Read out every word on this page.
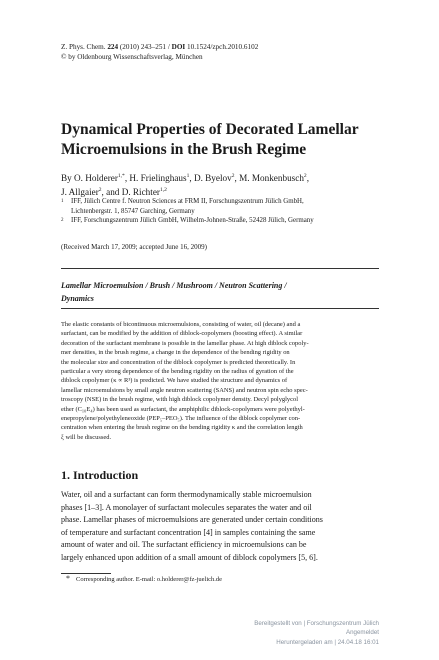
Z. Phys. Chem. 224 (2010) 243–251 / DOI 10.1524/zpch.2010.6102
© by Oldenbourg Wissenschaftsverlag, München
Dynamical Properties of Decorated Lamellar
Microemulsions in the Brush Regime
By O. Holderer$^{1,*}$, H. Frielinghaus$^1$, D. Byelov$^2$, M. Monkenbusch$^2$,
J. Allgaier$^2$, and D. Richter$^{1,2}$
1	IFF, Jülich Centre f. Neutron Sciences at FRM II, Forschungszentrum Jülich GmbH,
Lichtenbergstr. 1, 85747 Garching, Germany
2	IFF, Forschungszentrum Jülich GmbH, Wilhelm-Johnen-Straße, 52428 Jülich, Germany
(Received March 17, 2009; accepted June 16, 2009)
Lamellar Microemulsion / Brush / Mushroom / Neutron Scattering /
Dynamics
The elastic constants of bicontinuous microemulsions, consisting of water, oil (decane) and a
surfactant, can be modified by the addition of diblock-copolymers (boosting effect). A similar
decoration of the surfactant membrane is possible in the lamellar phase. At high diblock copoly-
mer densities, in the brush regime, a change in the dependence of the bending rigidity on
the molecular size and concentration of the diblock copolymer is predicted theoretically. In
particular a very strong dependence of the bending rigidity on the radius of gyration of the
diblock copolymer (κ ∝ R³) is predicted. We have studied the structure and dynamics of
lamellar microemulsions by small angle neutron scattering (SANS) and neutron spin echo spec-
troscopy (NSE) in the brush regime, with high diblock copolymer density. Decyl polyglycol
ether (C₁₀E₄) has been used as surfactant, the amphiphilic diblock-copolymers were polyethyl-
enepropylene/polyethyleneoxide (PEP₅–PEO₅). The influence of the diblock copolymer con-
centration when entering the brush regime on the bending rigidity κ and the correlation length
ξ will be discussed.
1. Introduction
Water, oil and a surfactant can form thermodynamically stable microemulsion
phases [1–3]. A monolayer of surfactant molecules separates the water and oil
phase. Lamellar phases of microemulsions are generated under certain conditions
of temperature and surfactant concentration [4] in samples containing the same
amount of water and oil. The surfactant efficiency in microemulsions can be
largely enhanced upon addition of a small amount of diblock copolymers [5, 6].
* Corresponding author. E-mail: o.holderer@fz-juelich.de
Bereitgestellt von | Forschungszentrum Jülich
Angemeldet
Heruntergeladen am | 24.04.18 16:01
